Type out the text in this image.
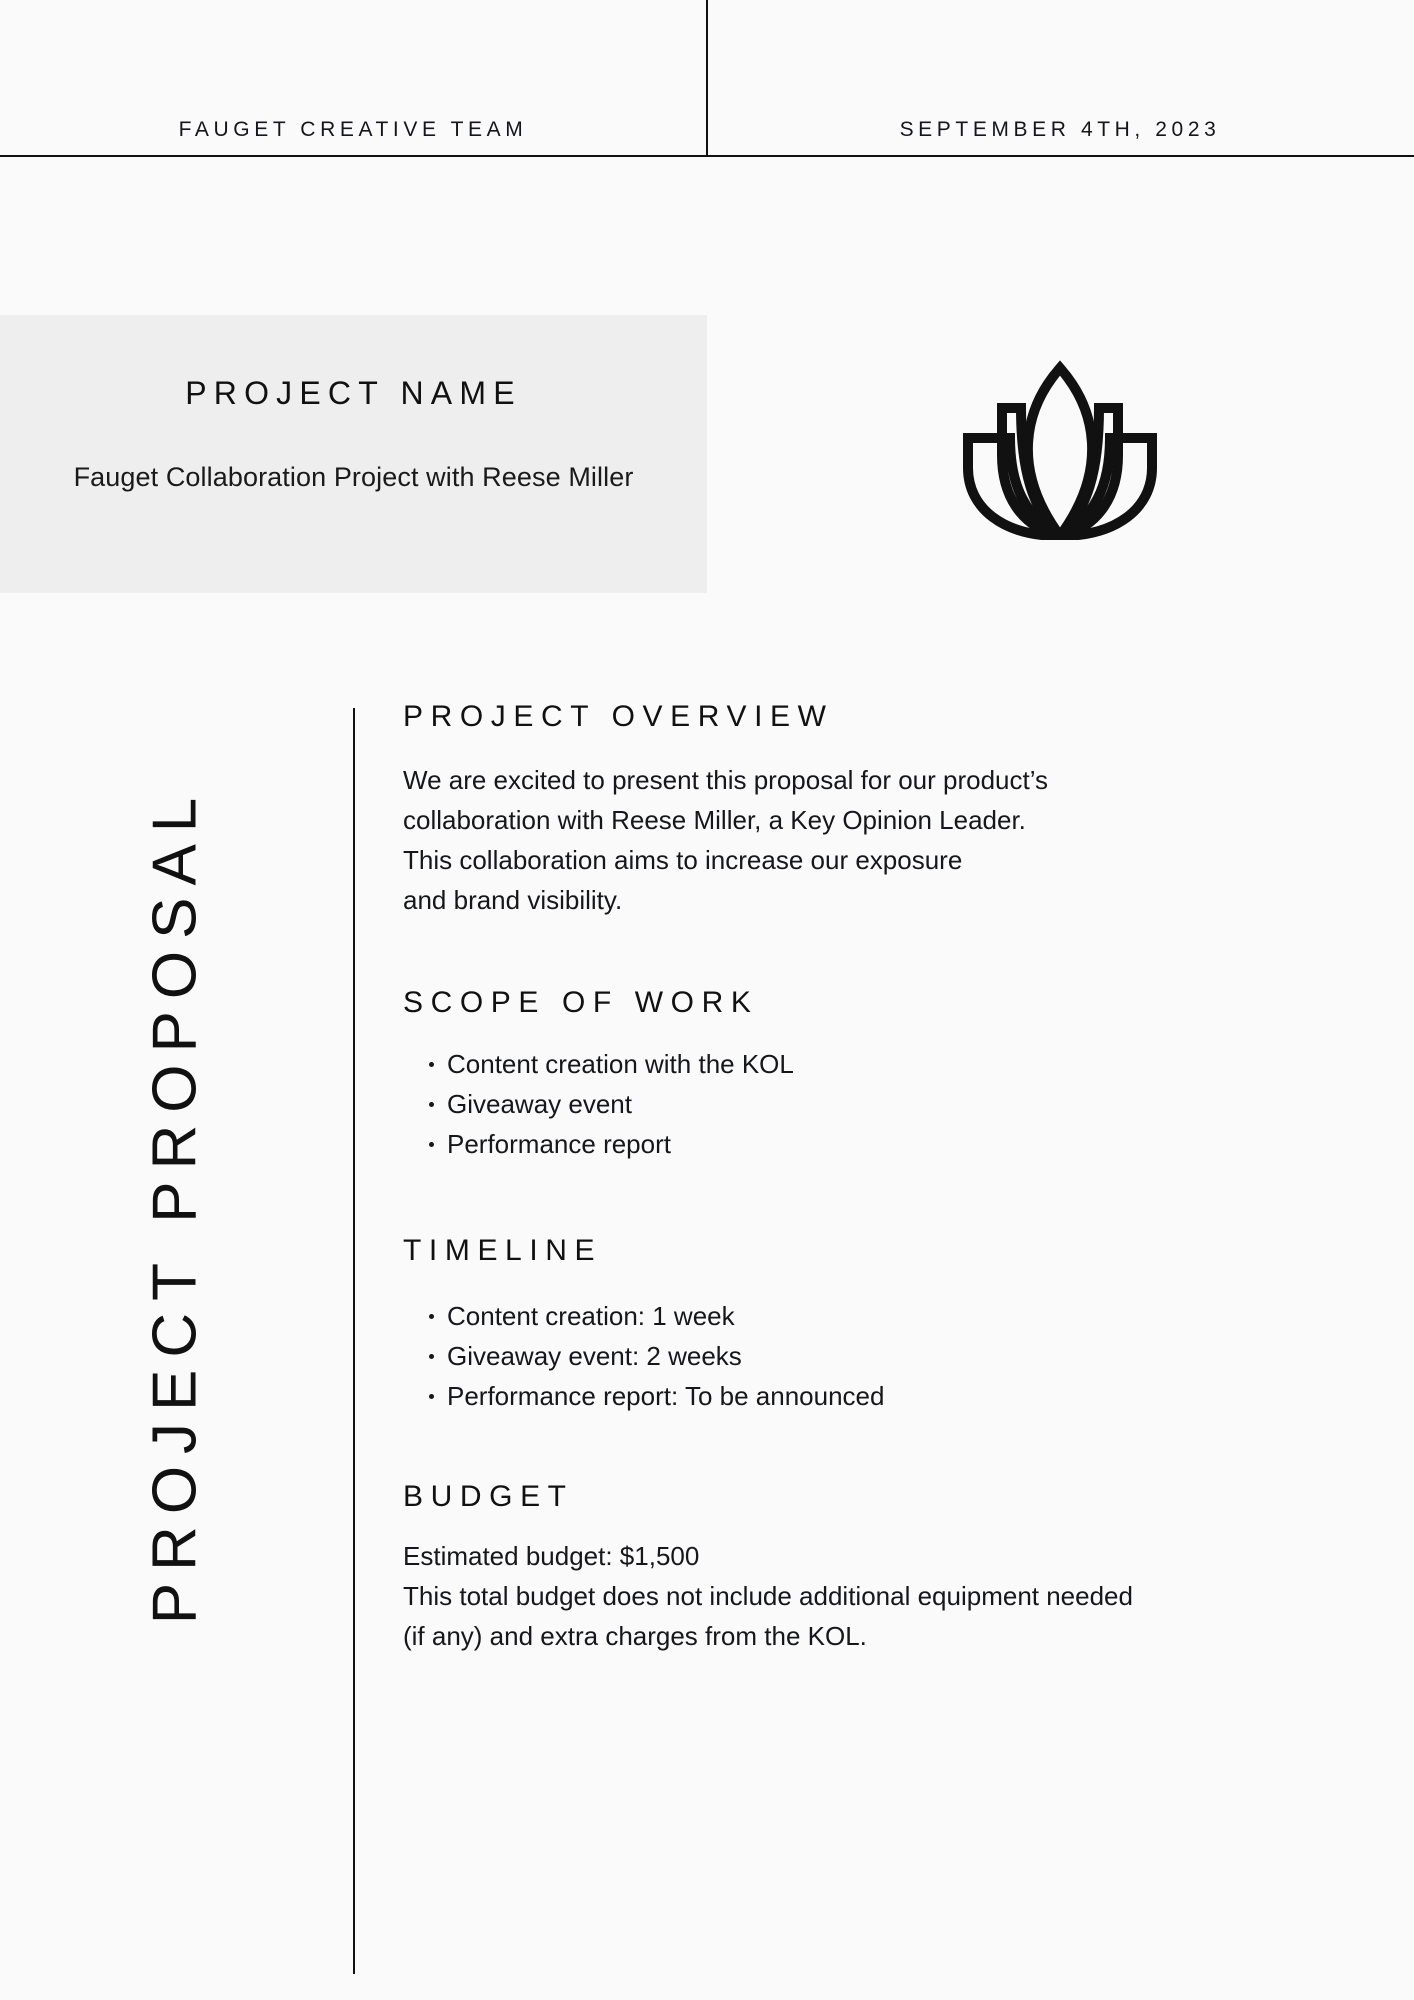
FAUGET CREATIVE TEAM	SEPTEMBER 4TH, 2023
PROJECT NAME
Fauget Collaboration Project with Reese Miller
PROJECT PROPOSAL
PROJECT OVERVIEW
We are excited to present this proposal for our product’s
collaboration with Reese Miller, a Key Opinion Leader.
This collaboration aims to increase our exposure
and brand visibility.
SCOPE OF WORK
Content creation with the KOL
Giveaway event
Performance report
TIMELINE
Content creation: 1 week
Giveaway event: 2 weeks
Performance report: To be announced
BUDGET
Estimated budget: $1,500
This total budget does not include additional equipment needed
(if any) and extra charges from the KOL.
